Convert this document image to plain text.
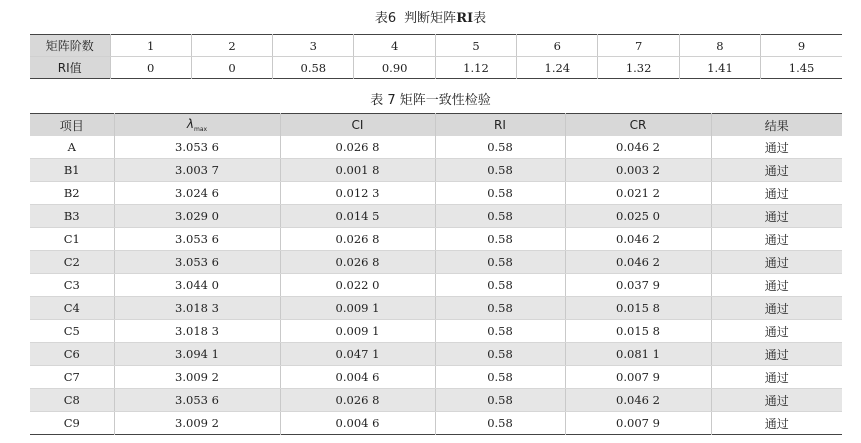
表6 判断矩阵RI表
矩阵阶数	1	2	3	4	5	6	7	8	9
RI值	0	0	0.58	0.90	1.12	1.24	1.32	1.41	1.45
表 7 矩阵一致性检验
项目	$\lambda_{max}$	CI	RI	CR	结果
A	3.053 6	0.026 8	0.58	0.046 2	通过
B1	3.003 7	0.001 8	0.58	0.003 2	通过
B2	3.024 6	0.012 3	0.58	0.021 2	通过
B3	3.029 0	0.014 5	0.58	0.025 0	通过
C1	3.053 6	0.026 8	0.58	0.046 2	通过
C2	3.053 6	0.026 8	0.58	0.046 2	通过
C3	3.044 0	0.022 0	0.58	0.037 9	通过
C4	3.018 3	0.009 1	0.58	0.015 8	通过
C5	3.018 3	0.009 1	0.58	0.015 8	通过
C6	3.094 1	0.047 1	0.58	0.081 1	通过
C7	3.009 2	0.004 6	0.58	0.007 9	通过
C8	3.053 6	0.026 8	0.58	0.046 2	通过
C9	3.009 2	0.004 6	0.58	0.007 9	通过
